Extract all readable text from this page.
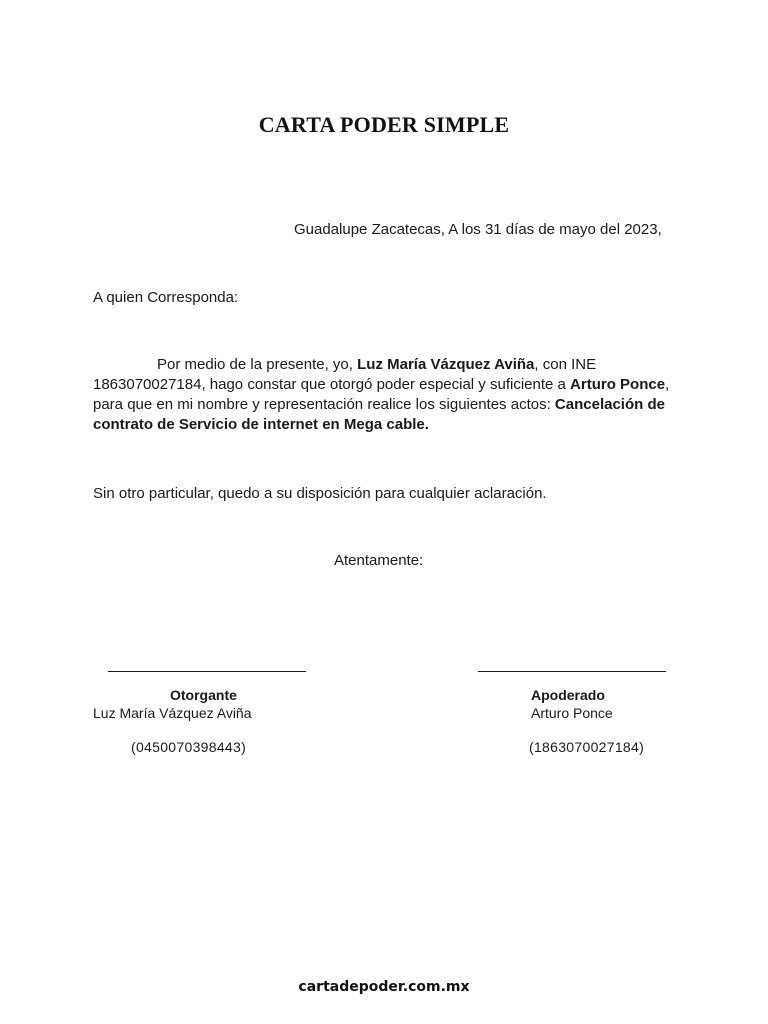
CARTA PODER SIMPLE
Guadalupe Zacatecas, A los 31 días de mayo del 2023,
A quien Corresponda:
Por medio de la presente, yo, Luz María Vázquez Aviña, con INE 1863070027184, hago constar que otorgó poder especial y suficiente a Arturo Ponce, para que en mi nombre y representación realice los siguientes actos: Cancelación de contrato de Servicio de internet en Mega cable.
Sin otro particular, quedo a su disposición para cualquier aclaración.
Atentamente:
Otorgante
Luz María Vázquez Aviña
(0450070398443)
Apoderado
Arturo Ponce
(1863070027184)
cartadepoder.com.mx
